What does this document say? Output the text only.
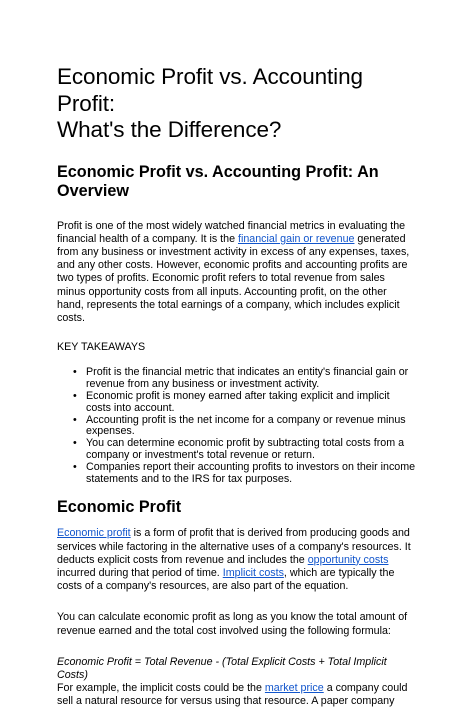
Economic Profit vs. Accounting Profit:
What's the Difference?
Economic Profit vs. Accounting Profit: An Overview

Profit is one of the most widely watched financial metrics in evaluating the financial health of a company. It is the financial gain or revenue generated from any business or investment activity in excess of any expenses, taxes, and any other costs. However, economic profits and accounting profits are two types of profits. Economic profit refers to total revenue from sales minus opportunity costs from all inputs. Accounting profit, on the other hand, represents the total earnings of a company, which includes explicit costs.

KEY TAKEAWAYS

• Profit is the financial metric that indicates an entity's financial gain or revenue from any business or investment activity.
• Economic profit is money earned after taking explicit and implicit costs into account.
• Accounting profit is the net income for a company or revenue minus expenses.
• You can determine economic profit by subtracting total costs from a company or investment's total revenue or return.
• Companies report their accounting profits to investors on their income statements and to the IRS for tax purposes.
Economic Profit

Economic profit is a form of profit that is derived from producing goods and services while factoring in the alternative uses of a company's resources. It deducts explicit costs from revenue and includes the opportunity costs incurred during that period of time. Implicit costs, which are typically the costs of a company's resources, are also part of the equation.

You can calculate economic profit as long as you know the total amount of revenue earned and the total cost involved using the following formula:

Economic Profit = Total Revenue - (Total Explicit Costs + Total Implicit Costs)
For example, the implicit costs could be the market price a company could sell a natural resource for versus using that resource. A paper company
